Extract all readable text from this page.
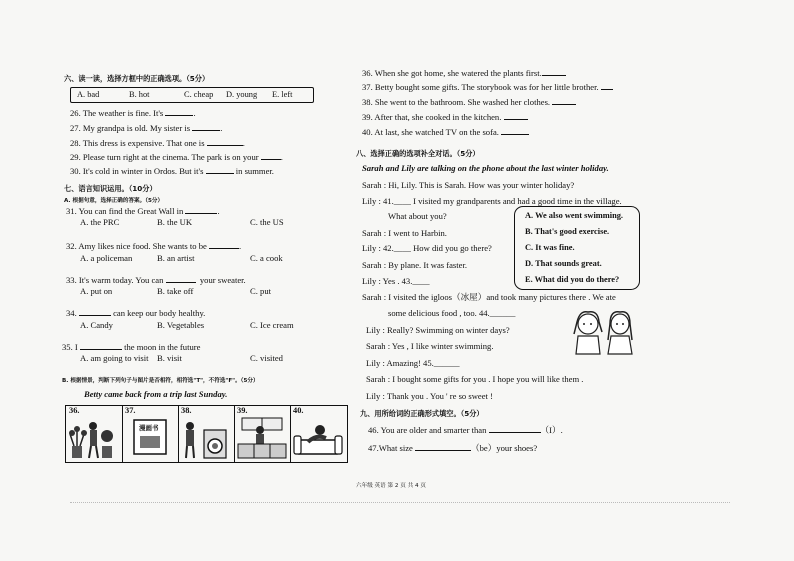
六、读一读，选择方框中的正确选项。（5分）
A. bad	B. hot	C. cheap D. young E. left
26. The weather is fine. It's	.
27. My grandpa is old. My sister is	.
28. This dress is expensive. That one is	.
29. Please turn right at the cinema. The park is on your	.
30. It's cold in winter in Ordos. But it's	in summer.
七、语言知识运用。（10分）
A. 根据句意，选择正确的答案。（5分）
31. You can find the Great Wall in	.
A. the PRC	B. the UK	C. the US
32. Amy likes nice food. She wants to be	.
A. a policeman	B. an artist	C. a cook
33. It's warm today. You can	your sweater.
A. put on	B. take off	C. put
34.	can keep our body healthy.
A. Candy	B. Vegetables	C. Ice cream
35. I	the moon in the future
A. am going to visit B. visit	C. visited
B. 根据情景，判断下列句子与图片是否相符，相符选"T"，不符选"F"。（5分）
Betty came back from a trip last Sunday.
36.	37.
漫画书
38.	39.	40.
36. When she got home, she watered the plants first.
37. Betty bought some gifts. The storybook was for her little brother.
38. She went to the bathroom. She washed her clothes.
39. After that, she cooked in the kitchen.
40. At last, she watched TV on the sofa.
八、选择正确的选项补全对话。（5分）
Sarah and Lily are talking on the phone about the last winter holiday.
Sarah : Hi, Lily. This is Sarah. How was your winter holiday?
Lily : 41.____ I visited my grandparents and had a good time in the village.
What about you?
Sarah : I went to Harbin.
Lily : 42.____ How did you go there?
Sarah : By plane. It was faster.
Lily : Yes . 43.____
Sarah : I visited the igloos（冰屋）and took many pictures there . We ate
some delicious food , too. 44.______
Lily : Really? Swimming on winter days?
Sarah : Yes , I like winter swimming.
Lily : Amazing! 45.______
Sarah : I bought some gifts for you . I hope you will like them .
Lily : Thank you . You ' re so sweet !
A. We also went swimming.
B. That's good exercise.
C. It was fine.
D. That sounds great.
E. What did you do there?
九、用所给词的正确形式填空。（5分）
46. You are older and smarter than	（I）.
47.What size	（be）your shoes?
六年级 英语 第 2 页 共 4 页
